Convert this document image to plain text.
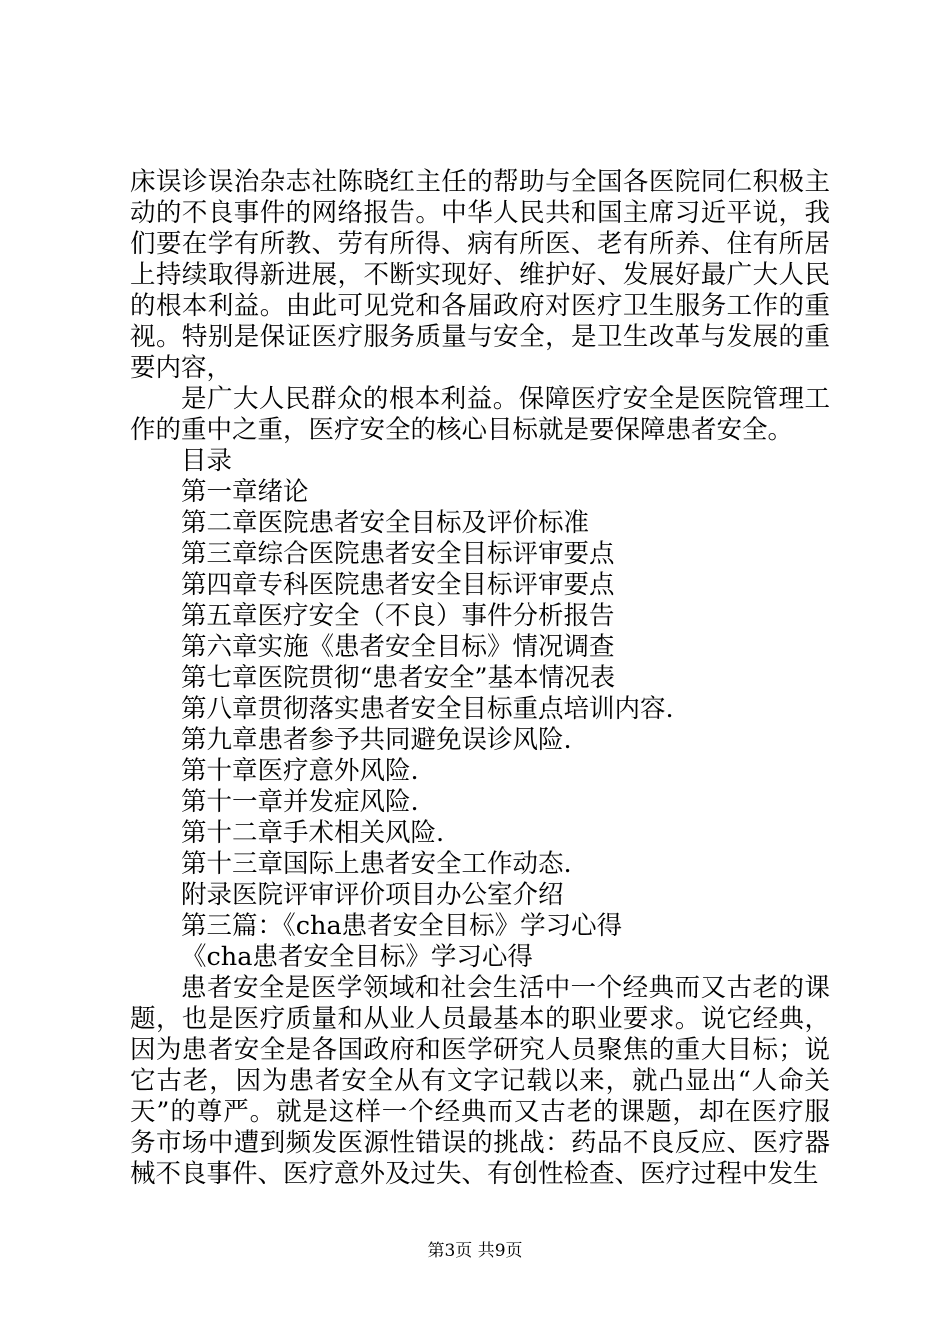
床误诊误治杂志社陈晓红主任的帮助与全国各医院同仁积极主动的不良事件的网络报告。中华人民共和国主席习近平说，我们要在学有所教、劳有所得、病有所医、老有所养、住有所居上持续取得新进展，不断实现好、维护好、发展好最广大人民的根本利益。由此可见党和各届政府对医疗卫生服务工作的重视。特别是保证医疗服务质量与安全，是卫生改革与发展的重要内容，

是广大人民群众的根本利益。保障医疗安全是医院管理工作的重中之重，医疗安全的核心目标就是要保障患者安全。

目录

第一章绪论

第二章医院患者安全目标及评价标准

第三章综合医院患者安全目标评审要点

第四章专科医院患者安全目标评审要点

第五章医疗安全（不良）事件分析报告

第六章实施《患者安全目标》情况调查

第七章医院贯彻“患者安全”基本情况表

第八章贯彻落实患者安全目标重点培训内容.

第九章患者参予共同避免误诊风险.

第十章医疗意外风险.

第十一章并发症风险.

第十二章手术相关风险.

第十三章国际上患者安全工作动态.

附录医院评审评价项目办公室介绍

第三篇：《cha患者安全目标》学习心得

《cha患者安全目标》学习心得

患者安全是医学领域和社会生活中一个经典而又古老的课题，也是医疗质量和从业人员最基本的职业要求。说它经典，因为患者安全是各国政府和医学研究人员聚焦的重大目标；说它古老，因为患者安全从有文字记载以来，就凸显出“人命关天”的尊严。就是这样一个经典而又古老的课题，却在医疗服务市场中遭到频发医源性错误的挑战：药品不良反应、医疗器械不良事件、医疗意外及过失、有创性检查、医疗过程中发生

第3页 共9页
